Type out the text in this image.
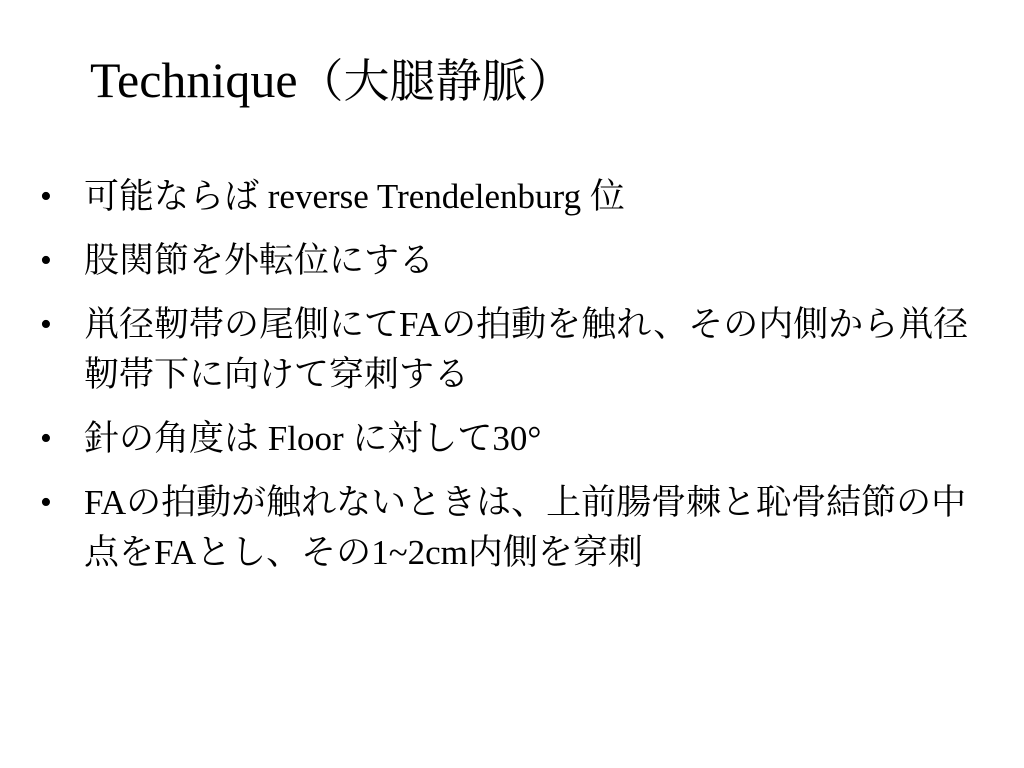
Technique（大腿静脈）
• 可能ならば reverse Trendelenburg 位
• 股関節を外転位にする
• 鼡径靭帯の尾側にてFAの拍動を触れ、その内側から鼡径靭帯下に向けて穿刺する
• 針の角度は Floor に対して30°
• FAの拍動が触れないときは、上前腸骨棘と恥骨結節の中点をFAとし、その1~2cm内側を穿刺
